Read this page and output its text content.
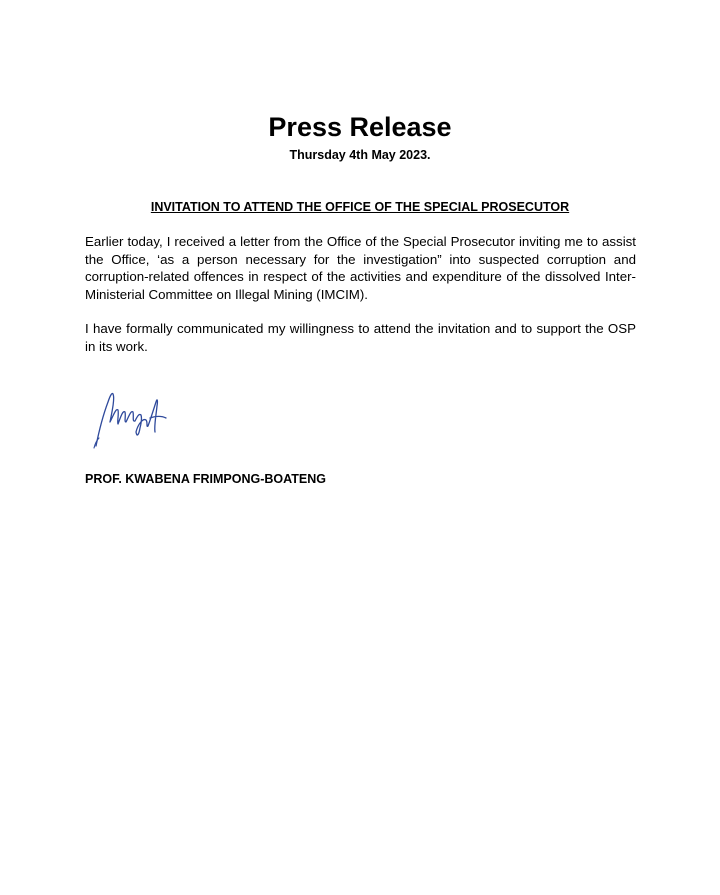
Press Release
Thursday 4th May 2023.
INVITATION TO ATTEND THE OFFICE OF THE SPECIAL PROSECUTOR
Earlier today, I received a letter from the Office of the Special Prosecutor inviting me to assist the Office, ‘as a person necessary for the investigation” into suspected corruption and corruption-related offences in respect of the activities and expenditure of the dissolved Inter-Ministerial Committee on Illegal Mining (IMCIM).
I have formally communicated my willingness to attend the invitation and to support the OSP in its work.
PROF. KWABENA FRIMPONG-BOATENG
